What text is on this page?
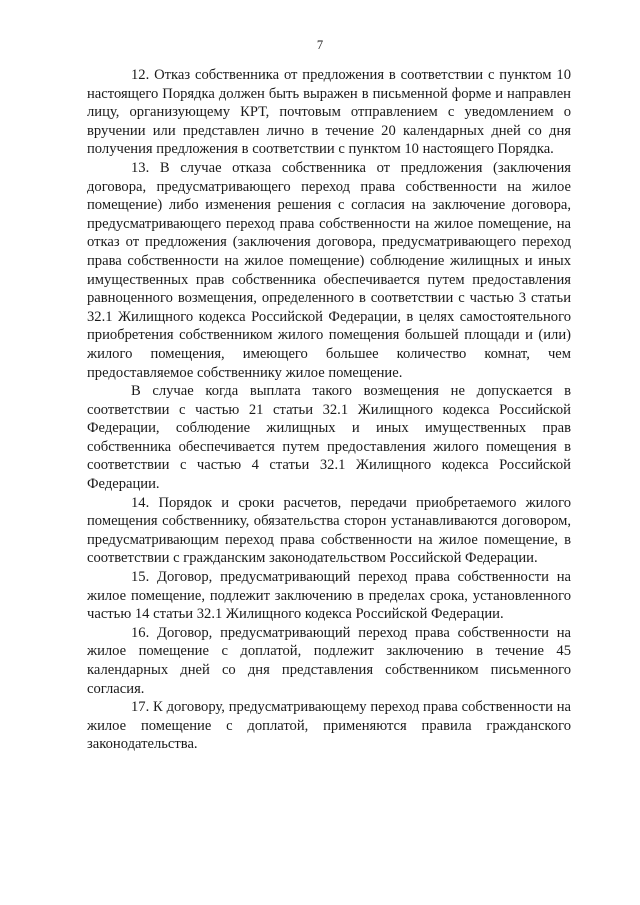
7

12. Отказ собственника от предложения в соответствии с пунктом 10 настоящего Порядка должен быть выражен в письменной форме и направлен лицу, организующему КРТ, почтовым отправлением с уведомлением о вручении или представлен лично в течение 20 календарных дней со дня получения предложения в соответствии с пунктом 10 настоящего Порядка.

13. В случае отказа собственника от предложения (заключения договора, предусматривающего переход права собственности на жилое помещение) либо изменения решения с согласия на заключение договора, предусматривающего переход права собственности на жилое помещение, на отказ от предложения (заключения договора, предусматривающего переход права собственности на жилое помещение) соблюдение жилищных и иных имущественных прав собственника обеспечивается путем предоставления равноценного возмещения, определенного в соответствии с частью 3 статьи 32.1 Жилищного кодекса Российской Федерации, в целях самостоятельного приобретения собственником жилого помещения большей площади и (или) жилого помещения, имеющего большее количество комнат, чем предоставляемое собственнику жилое помещение.

В случае когда выплата такого возмещения не допускается в соответствии с частью 21 статьи 32.1 Жилищного кодекса Российской Федерации, соблюдение жилищных и иных имущественных прав собственника обеспечивается путем предоставления жилого помещения в соответствии с частью 4 статьи 32.1 Жилищного кодекса Российской Федерации.

14. Порядок и сроки расчетов, передачи приобретаемого жилого помещения собственнику, обязательства сторон устанавливаются договором, предусматривающим переход права собственности на жилое помещение, в соответствии с гражданским законодательством Российской Федерации.

15. Договор, предусматривающий переход права собственности на жилое помещение, подлежит заключению в пределах срока, установленного частью 14 статьи 32.1 Жилищного кодекса Российской Федерации.

16. Договор, предусматривающий переход права собственности на жилое помещение с доплатой, подлежит заключению в течение 45 календарных дней со дня представления собственником письменного согласия.

17. К договору, предусматривающему переход права собственности на жилое помещение с доплатой, применяются правила гражданского законодательства.
